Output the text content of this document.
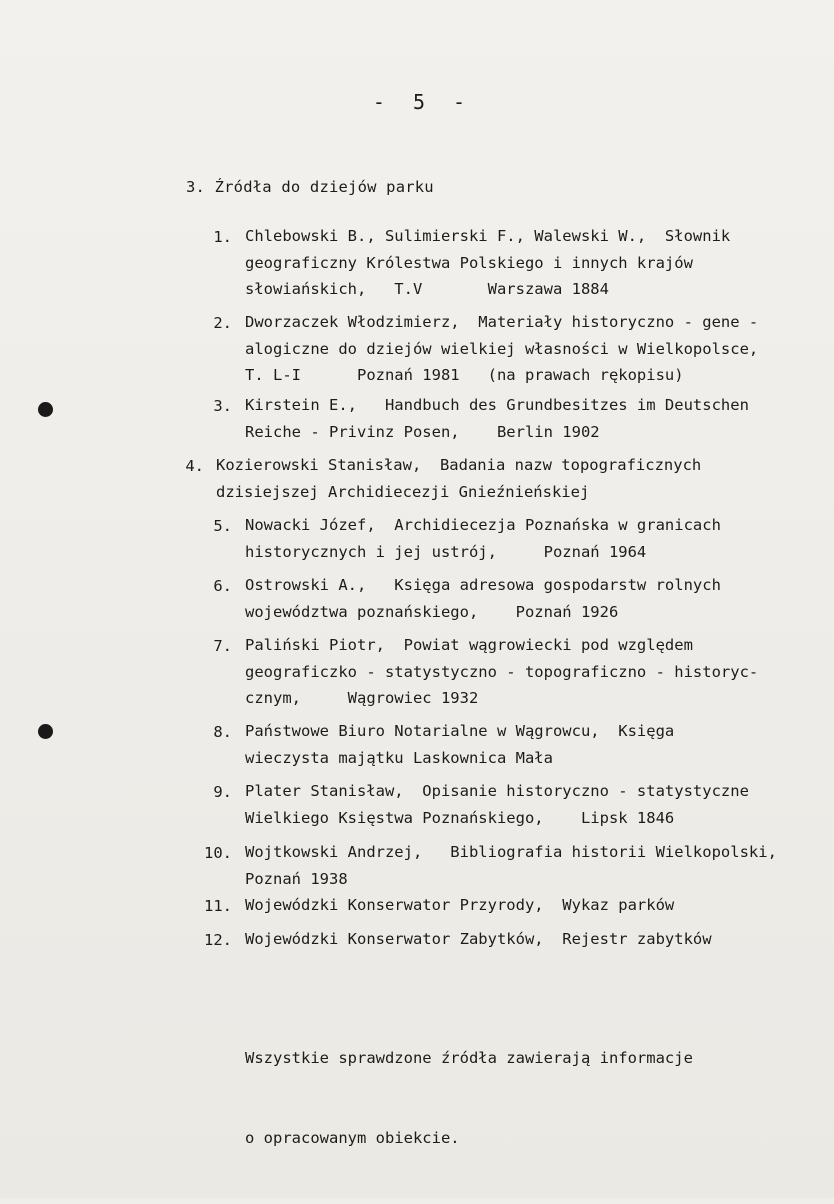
- 5 -
3. Źródła do dziejów parku
1. Chlebowski B., Sulimierski F., Walewski W.,  Słownik
geograficzny Królestwa Polskiego i innych krajów
słowiańskich,   T.V       Warszawa 1884
2. Dworzaczek Włodzimierz,  Materiały historyczno - gene -
alogiczne do dziejów wielkiej własności w Wielkopolsce,
T. L-I      Poznań 1981   (na prawach rękopisu)
3. Kirstein E.,   Handbuch des Grundbesitzes im Deutschen
Reiche - Privinz Posen,    Berlin 1902
4. Kozierowski Stanisław,  Badania nazw topograficznych
dzisiejszej Archidiecezji Gnieźnieńskiej
5. Nowacki Józef,  Archidiecezja Poznańska w granicach
historycznych i jej ustrój,     Poznań 1964
6. Ostrowski A.,   Księga adresowa gospodarstw rolnych
województwa poznańskiego,    Poznań 1926
7. Paliński Piotr,  Powiat wągrowiecki pod względem
geograficzko - statystyczno - topograficzno - historyc-
cznym,     Wągrowiec 1932
8. Państwowe Biuro Notarialne w Wągrowcu,  Księga
wieczysta majątku Laskownica Mała
9. Plater Stanisław,  Opisanie historyczno - statystyczne
Wielkiego Księstwa Poznańskiego,    Lipsk 1846
10. Wojtkowski Andrzej,   Bibliografia historii Wielkopolski,
Poznań 1938
11. Wojewódzki Konserwator Przyrody,  Wykaz parków
12. Wojewódzki Konserwator Zabytków,  Rejestr zabytków

Wszystkie sprawdzone źródła zawierają informacje

o opracowanym obiekcie.
